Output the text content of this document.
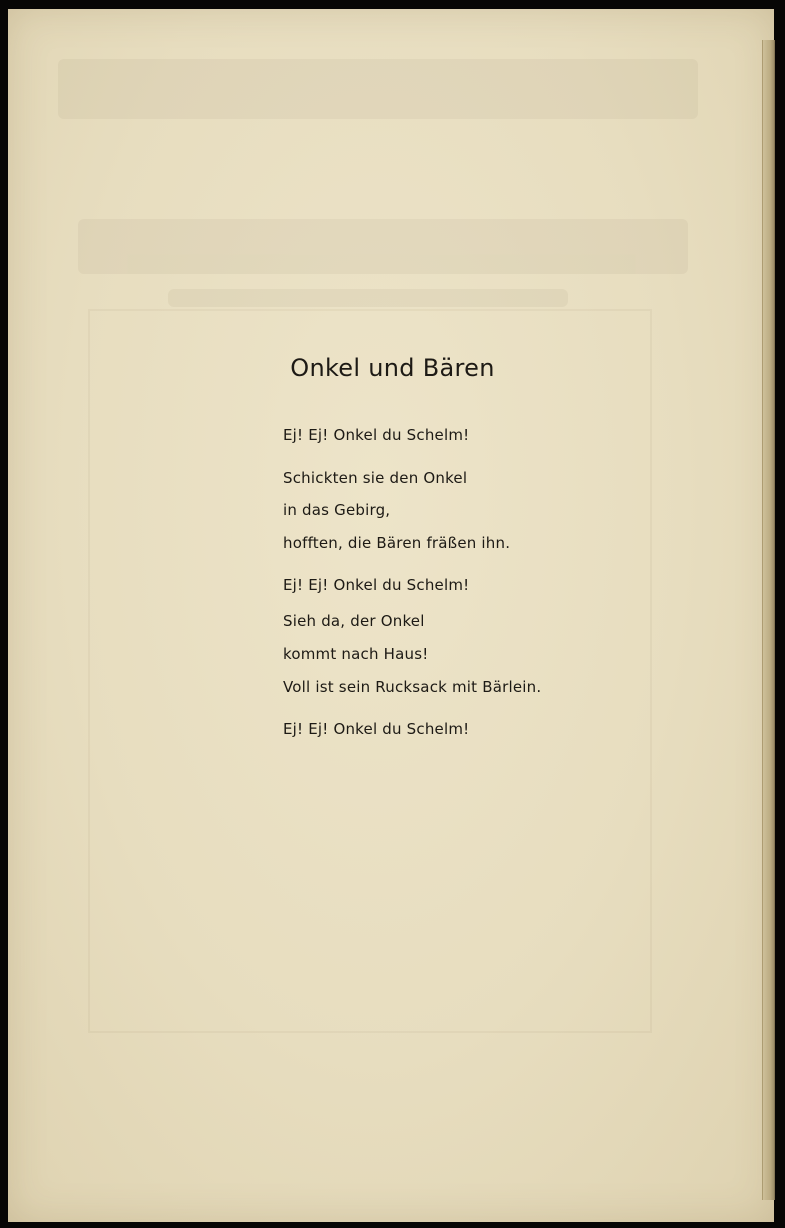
Onkel und Bären
Ej! Ej! Onkel du Schelm!
Schickten sie den Onkel
in das Gebirg,
hofften, die Bären fräßen ihn.
Ej! Ej! Onkel du Schelm!
Sieh da, der Onkel
kommt nach Haus!
Voll ist sein Rucksack mit Bärlein.
Ej! Ej! Onkel du Schelm!
